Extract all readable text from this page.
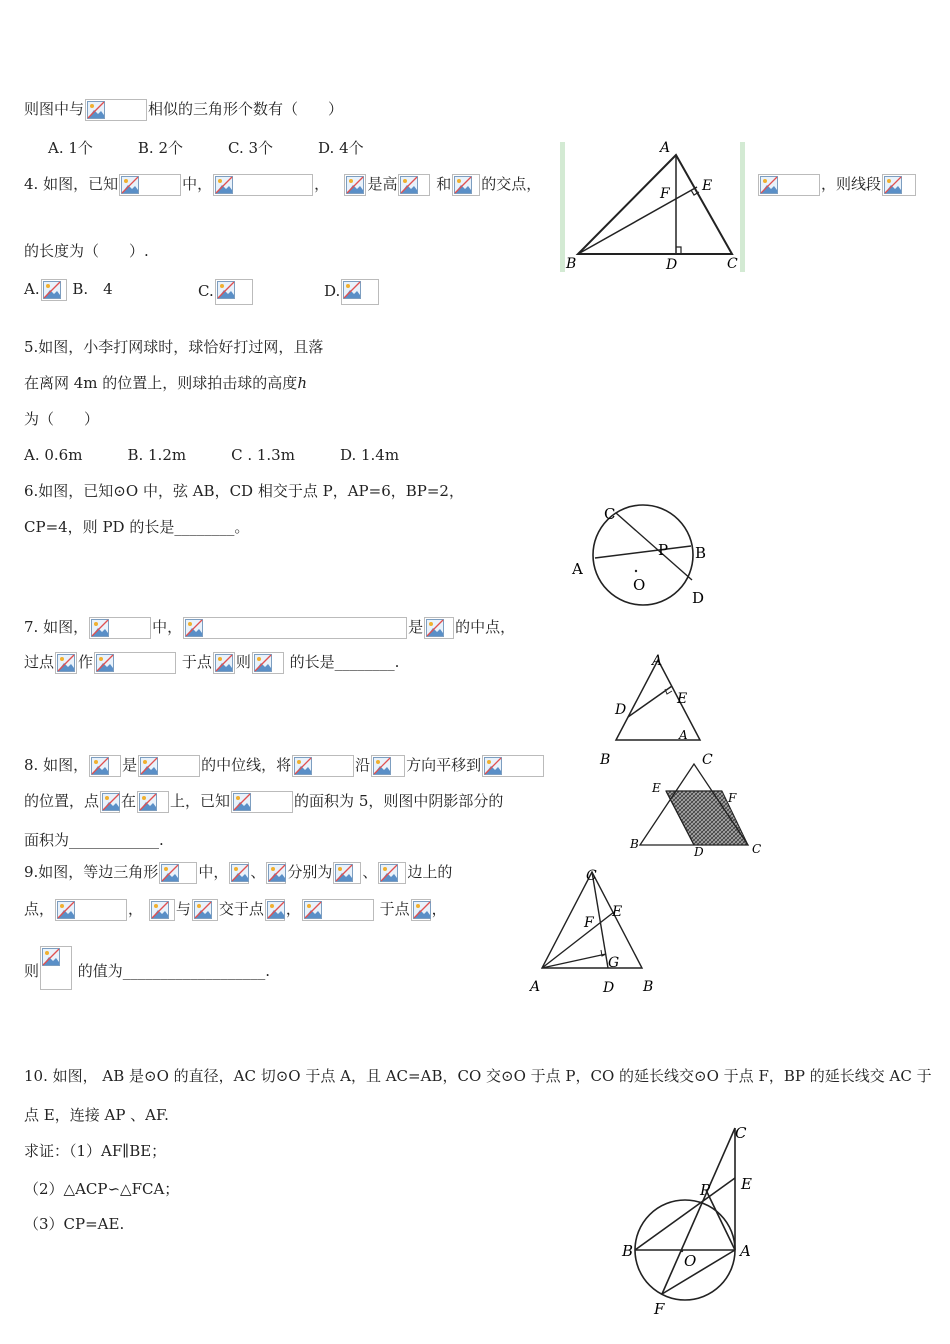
则图中与	相似的三角形个数有（　　）
A. 1个　　　B. 2个　　　C. 3个　　　D. 4个
4. 如图，已知	中，	，	是高	和 的交点，	，则线段
的长度为（　　）.
A. B.　4	C.	D.
A
F E
B	D	C
5.如图，小李打网球时，球恰好打过网，且落
在离网 4m 的位置上，则球拍击球的高度h
为（　　）
A. 0.6m　　　B. 1.2m　　　C . 1.3m　　　D. 1.4m
6.如图，已知⊙O 中，弦 AB，CD 相交于点 P，AP=6，BP=2，
CP=4，则 PD 的长是________。
C
P B
A
O
D
7. 如图，	中，	是 的中点，
过点 作	于点 则	的长是________.	A
E
D
A
B	C
8. 如图， 是	的中位线，将	沿 方向平移到
的位置，点 在 上，已知	的面积为 5，则图中阴影部分的
面积为____________.
E
F
B
D	C
9.如图，等边三角形	中， 、 分别为 、 边上的
点，	， 与 交于点 ，	于点 ，
则	的值为___________________.
C
E
F
G
A	D B
10. 如图， AB 是⊙O 的直径，AC 切⊙O 于点 A，且 AC=AB，CO 交⊙O 于点 P，CO 的延长线交⊙O 于点 F，BP 的延长线交 AC 于
点 E，连接 AP 、AF.
求证：（1）AF∥BE；
（2）△ACP∽△FCA；
（3）CP=AE.
C
E
P
B	A
O
F
